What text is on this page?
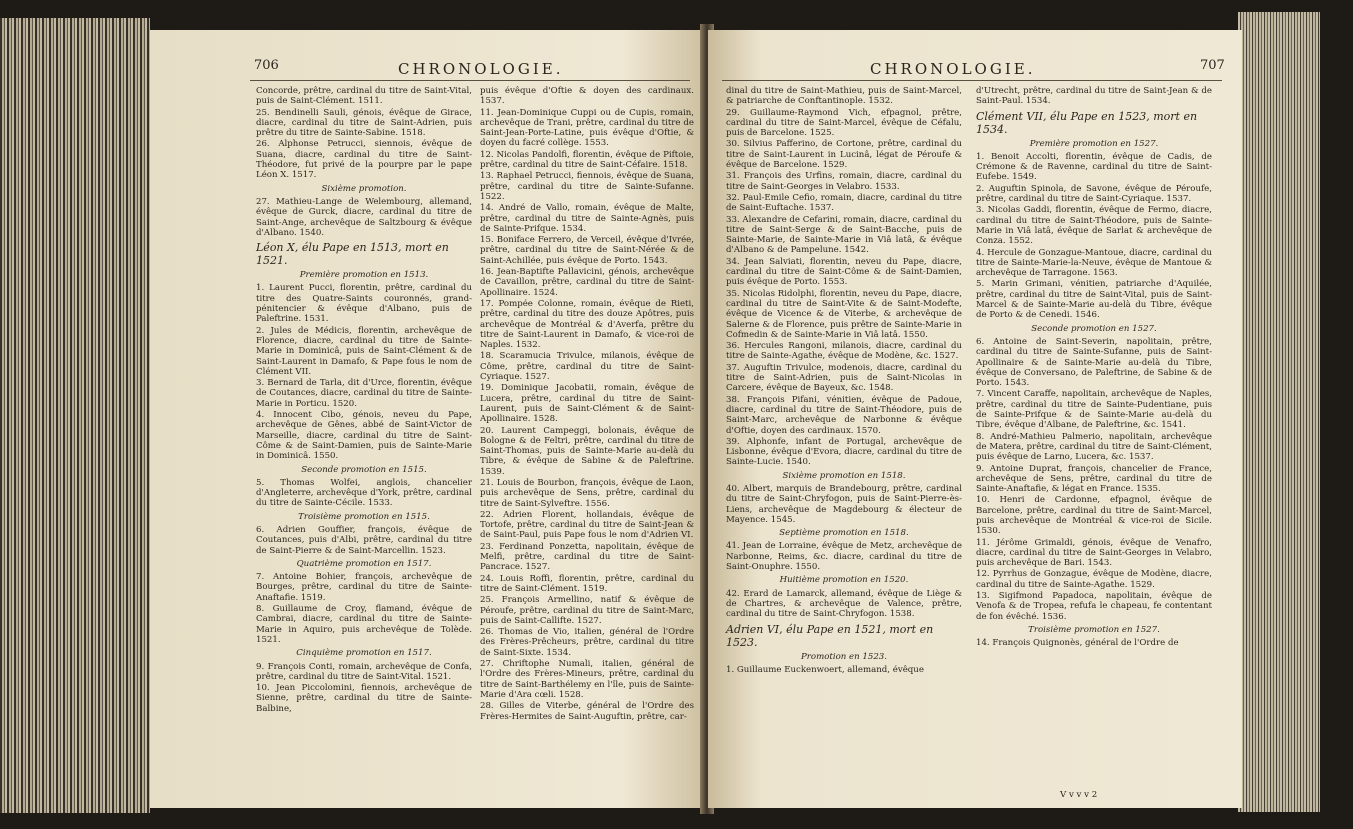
706	CHRONOLOGIE.

Concorde, prêtre, cardinal du titre de Saint-Vital, puis de Saint-Clément. 1511.

25. Bendinelli Sauli, génois, évêque de Girace, diacre, cardinal du titre de Saint-Adrien, puis prêtre du titre de Sainte-Sabine. 1518.

26. Alphonse Petrucci, siennois, évêque de Suana, diacre, cardinal du titre de Saint-Théodore, fut privé de la pourpre par le pape Léon X. 1517.

Sixième promotion.

27. Mathieu-Lange de Welembourg, allemand, évêque de Gurck, diacre, cardinal du titre de Saint-Ange, archevêque de Saltzbourg & évêque d'Albano. 1540.

Léon X, élu Pape en 1513, mort en 1521.

Première promotion en 1513.

1. Laurent Pucci, florentin, prêtre, cardinal du titre des Quatre-Saints couronnés, grand-pénitencier & évêque d'Albano, puis de Paleftrine. 1531.

2. Jules de Médicis, florentin, archevêque de Florence, diacre, cardinal du titre de Sainte-Marie in Dominicâ, puis de Saint-Clément & de Saint-Laurent in Damafo, & Pape fous le nom de Clément VII.

3. Bernard de Tarla, dit d'Urce, florentin, évêque de Coutances, diacre, cardinal du titre de Sainte-Marie in Porticu. 1520.

4. Innocent Cibo, génois, neveu du Pape, archevêque de Gênes, abbé de Saint-Victor de Marseille, diacre, cardinal du titre de Saint-Côme & de Saint-Damien, puis de Sainte-Marie in Dominicâ. 1550.

Seconde promotion en 1515.

5. Thomas Wolfei, anglois, chancelier d'Angleterre, archevêque d'York, prêtre, cardinal du titre de Sainte-Cécile. 1533.

Troisième promotion en 1515.

6. Adrien Gouffier, françois, évêque de Coutances, puis d'Albi, prêtre, cardinal du titre de Saint-Pierre & de Saint-Marcellin. 1523.

Quatrième promotion en 1517.

7. Antoine Bohier, françois, archevêque de Bourges, prêtre, cardinal du titre de Sainte-Anaftafie. 1519.

8. Guillaume de Croy, flamand, évêque de Cambrai, diacre, cardinal du titre de Sainte-Marie in Aquiro, puis archevêque de Tolède. 1521.

Cinquième promotion en 1517.

9. François Conti, romain, archevêque de Confa, prêtre, cardinal du titre de Saint-Vital. 1521.

10. Jean Piccolomini, fiennois, archevêque de Sienne, prêtre, cardinal du titre de Sainte-Balbine,

puis évêque d'Oftie & doyen des cardinaux. 1537.

11. Jean-Dominique Cuppi ou de Cupis, romain, archevêque de Trani, prêtre, cardinal du titre de Saint-Jean-Porte-Latine, puis évêque d'Oftie, & doyen du facré collège. 1553.

12. Nicolas Pandolfi, florentin, évêque de Piftoie, prêtre, cardinal du titre de Saint-Céfaire. 1518.

13. Raphael Petrucci, fiennois, évêque de Suana, prêtre, cardinal du titre de Sainte-Sufanne. 1522.

14. André de Vallo, romain, évêque de Malte, prêtre, cardinal du titre de Sainte-Agnès, puis de Sainte-Prifque. 1534.

15. Boniface Ferrero, de Verceil, évêque d'Ivrée, prêtre, cardinal du titre de Saint-Nérée & de Saint-Achillée, puis évêque de Porto. 1543.

16. Jean-Baptifte Pallavicini, génois, archevêque de Cavaillon, prêtre, cardinal du titre de Saint-Apollinaire. 1524.

17. Pompée Colonne, romain, évêque de Rieti, prêtre, cardinal du titre des douze Apôtres, puis archevêque de Montréal & d'Averfa, prêtre du titre de Saint-Laurent in Damafo, & vice-roi de Naples. 1532.

18. Scaramucia Trivulce, milanois, évêque de Côme, prêtre, cardinal du titre de Saint-Cyriaque. 1527.

19. Dominique Jacobatii, romain, évêque de Lucera, prêtre, cardinal du titre de Saint-Laurent, puis de Saint-Clément & de Saint-Apollinaire. 1528.

20. Laurent Campeggi, bolonais, évêque de Bologne & de Feltri, prêtre, cardinal du titre de Saint-Thomas, puis de Sainte-Marie au-delà du Tibre, & évêque de Sabine & de Paleftrine. 1539.

21. Louis de Bourbon, françois, évêque de Laon, puis archevêque de Sens, prêtre, cardinal du titre de Saint-Sylveftre. 1556.

22. Adrien Florent, hollandais, évêque de Tortofe, prêtre, cardinal du titre de Saint-Jean & de Saint-Paul, puis Pape fous le nom d'Adrien VI.

23. Ferdinand Ponzetta, napolitain, évêque de Melfi, prêtre, cardinal du titre de Saint-Pancrace. 1527.

24. Louis Roffi, florentin, prêtre, cardinal du titre de Saint-Clément. 1519.

25. François Armellino, natif & évêque de Péroufe, prêtre, cardinal du titre de Saint-Marc, puis de Saint-Callifte. 1527.

26. Thomas de Vio, italien, général de l'Ordre des Frères-Prêcheurs, prêtre, cardinal du titre de Saint-Sixte. 1534.

27. Chriftophe Numali, italien, général de l'Ordre des Frères-Mineurs, prêtre, cardinal du titre de Saint-Barthélemy en l'île, puis de Sainte-Marie d'Ara cœli. 1528.

28. Gilles de Viterbe, général de l'Ordre des Frères-Hermites de Saint-Auguftin, prêtre, car-

CHRONOLOGIE.	707

dinal du titre de Saint-Mathieu, puis de Saint-Marcel, & patriarche de Conftantinople. 1532.

29. Guillaume-Raymond Vich, efpagnol, prêtre, cardinal du titre de Saint-Marcel, évêque de Céfalu, puis de Barcelone. 1525.

30. Silvius Pafferino, de Cortone, prêtre, cardinal du titre de Saint-Laurent in Lucinâ, légat de Péroufe & évêque de Barcelone. 1529.

31. François des Urfins, romain, diacre, cardinal du titre de Saint-Georges in Velabro. 1533.

32. Paul-Emile Cefio, romain, diacre, cardinal du titre de Saint-Euftache. 1537.

33. Alexandre de Cefarini, romain, diacre, cardinal du titre de Saint-Serge & de Saint-Bacche, puis de Sainte-Marie, de Sainte-Marie in Viâ latâ, & évêque d'Albano & de Pampelune. 1542.

34. Jean Salviati, florentin, neveu du Pape, diacre, cardinal du titre de Saint-Côme & de Saint-Damien, puis évêque de Porto. 1553.

35. Nicolas Ridolphi, florentin, neveu du Pape, diacre, cardinal du titre de Saint-Vite & de Saint-Modefte, évêque de Vicence & de Viterbe, & archevêque de Salerne & de Florence, puis prêtre de Sainte-Marie in Cofmedin & de Sainte-Marie in Viâ latâ. 1550.

36. Hercules Rangoni, milanois, diacre, cardinal du titre de Sainte-Agathe, évêque de Modène, &c. 1527.

37. Auguftin Trivulce, modenois, diacre, cardinal du titre de Saint-Adrien, puis de Saint-Nicolas in Carcere, évêque de Bayeux, &c. 1548.

38. François Pifani, vénitien, évêque de Padoue, diacre, cardinal du titre de Saint-Théodore, puis de Saint-Marc, archevêque de Narbonne & évêque d'Oftie, doyen des cardinaux. 1570.

39. Alphonfe, infant de Portugal, archevêque de Lisbonne, évêque d'Evora, diacre, cardinal du titre de Sainte-Lucie. 1540.

Sixième promotion en 1518.

40. Albert, marquis de Brandebourg, prêtre, cardinal du titre de Saint-Chryfogon, puis de Saint-Pierre-ès-Liens, archevêque de Magdebourg & électeur de Mayence. 1545.

Septième promotion en 1518.

41. Jean de Lorraine, évêque de Metz, archevêque de Narbonne, Reims, &c. diacre, cardinal du titre de Saint-Onuphre. 1550.

Huitième promotion en 1520.

42. Erard de Lamarck, allemand, évêque de Liège & de Chartres, & archevêque de Valence, prêtre, cardinal du titre de Saint-Chryfogon. 1538.

Adrien VI, élu Pape en 1521, mort en 1523.

Promotion en 1523.

1. Guillaume Euckenwoert, allemand, évêque

d'Utrecht, prêtre, cardinal du titre de Saint-Jean & de Saint-Paul. 1534.

Clément VII, élu Pape en 1523, mort en 1534.

Première promotion en 1527.

1. Benoit Accolti, florentin, évêque de Cadis, de Crémone & de Ravenne, cardinal du titre de Saint-Eufebe. 1549.

2. Auguftin Spinola, de Savone, évêque de Péroufe, prêtre, cardinal du titre de Saint-Cyriaque. 1537.

3. Nicolas Gaddi, florentin, évêque de Fermo, diacre, cardinal du titre de Saint-Théodore, puis de Sainte-Marie in Viâ latâ, évêque de Sarlat & archevêque de Conza. 1552.

4. Hercule de Gonzague-Mantoue, diacre, cardinal du titre de Sainte-Marie-la-Neuve, évêque de Mantoue & archevêque de Tarragone. 1563.

5. Marin Grimani, vénitien, patriarche d'Aquilée, prêtre, cardinal du titre de Saint-Vital, puis de Saint-Marcel & de Sainte-Marie au-delà du Tibre, évêque de Porto & de Cenedi. 1546.

Seconde promotion en 1527.

6. Antoine de Saint-Severin, napolitain, prêtre, cardinal du titre de Sainte-Sufanne, puis de Saint-Apollinaire & de Sainte-Marie au-delà du Tibre, évêque de Conversano, de Paleftrine, de Sabine & de Porto. 1543.

7. Vincent Caraffe, napolitain, archevêque de Naples, prêtre, cardinal du titre de Sainte-Pudentiane, puis de Sainte-Prifque & de Sainte-Marie au-delà du Tibre, évêque d'Albane, de Paleftrine, &c. 1541.

8. André-Mathieu Palmerio, napolitain, archevêque de Matera, prêtre, cardinal du titre de Saint-Clément, puis évêque de Larno, Lucera, &c. 1537.

9. Antoine Duprat, françois, chancelier de France, archevêque de Sens, prêtre, cardinal du titre de Sainte-Anaftafie, & légat en France. 1535.

10. Henri de Cardonne, efpagnol, évêque de Barcelone, prêtre, cardinal du titre de Saint-Marcel, puis archevêque de Montréal & vice-roi de Sicile. 1530.

11. Jérôme Grimaldi, génois, évêque de Venafro, diacre, cardinal du titre de Saint-Georges in Velabro, puis archevêque de Bari. 1543.

12. Pyrrhus de Gonzague, évêque de Modène, diacre, cardinal du titre de Sainte-Agathe. 1529.

13. Sigifmond Papadoca, napolitain, évêque de Venofa & de Tropea, refufa le chapeau, fe contentant de fon évêché. 1536.

Troisième promotion en 1527.

14. François Quignonès, général de l'Ordre de

V v v v 2
